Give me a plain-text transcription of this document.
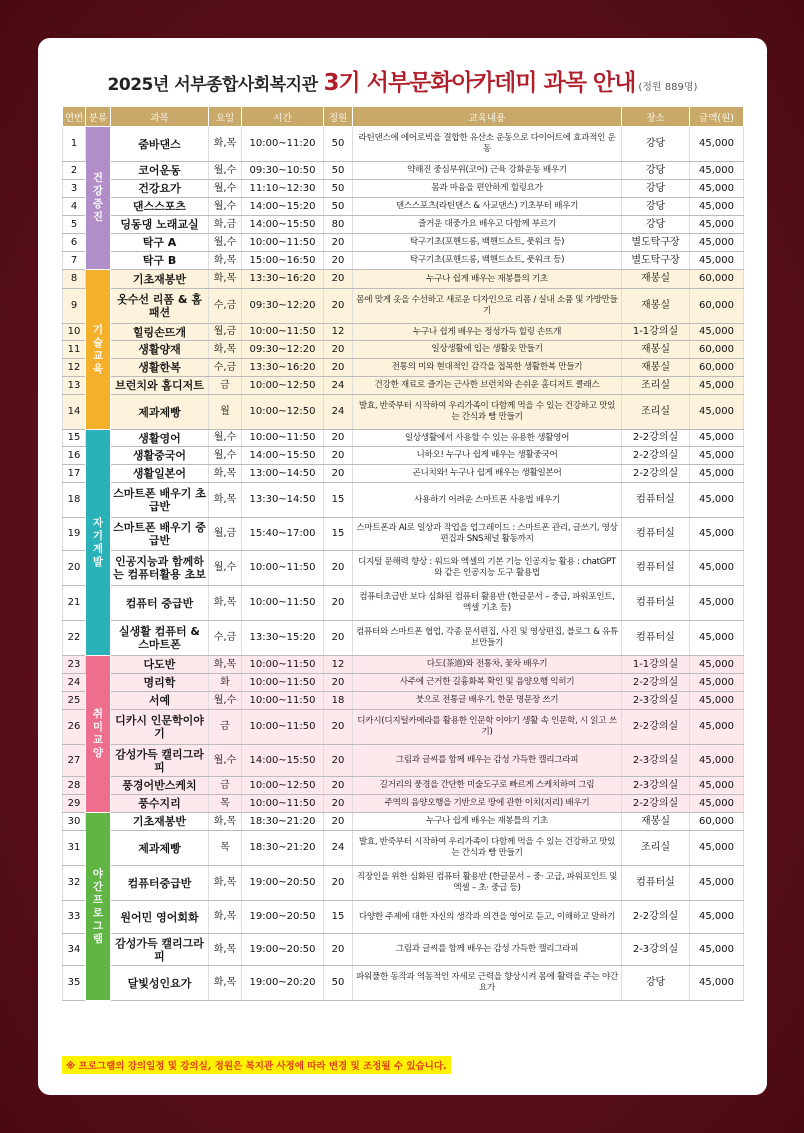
2025년 서부종합사회복지관 3기 서부문화아카데미 과목 안내 (정원 889명)
연번	분류	과목	요일	시간	정원	교육내용	장소	금액(원)
1	건강증진	줌바댄스	화,목	10:00~11:20	50	라틴댄스에 에어로빅을 결합한 유산소 운동으로 다이어트에 효과적인 운동	강당	45,000
2		코어운동	월,수	09:30~10:50	50	약해진 중심부위(코어) 근육 강화운동 배우기	강당	45,000
3		건강요가	월,수	11:10~12:30	50	몸과 마음을 편안하게 힐링요가	강당	45,000
4		댄스스포츠	월,수	14:00~15:20	50	댄스스포츠(라틴댄스 & 사교댄스) 기초부터 배우기	강당	45,000
5		딩동댕 노래교실	화,금	14:00~15:50	80	즐거운 대중가요 배우고 다함께 부르기	강당	45,000
6		탁구 A	월,수	10:00~11:50	20	탁구기초(포핸드롱, 백핸드쇼트, 풋워크 등)	별도탁구장	45,000
7		탁구 B	화,목	15:00~16:50	20	탁구기초(포핸드롱, 백핸드쇼트, 풋워크 등)	별도탁구장	45,000
8	기술교육	기초재봉반	화,목	13:30~16:20	20	누구나 쉽게 배우는 재봉틀의 기초	재봉실	60,000
9		옷수선 리폼 & 홈패션	수,금	09:30~12:20	20	몸에 맞게 옷을 수선하고 새로운 디자인으로 리폼 / 실내 소품 및 가방만들기	재봉실	60,000
10		힐링손뜨개	월,금	10:00~11:50	12	누구나 쉽게 배우는 정성가득 힐링 손뜨개	1-1강의실	45,000
11		생활양재	화,목	09:30~12:20	20	일상생활에 입는 생활옷 만들기	재봉실	60,000
12		생활한복	수,금	13:30~16:20	20	전통의 미와 현대적인 감각을 접목한 생활한복 만들기	재봉실	60,000
13		브런치와 홈디저트	금	10:00~12:50	24	건강한 재료로 즐기는 근사한 브런치와 손쉬운 홈디저트 클래스	조리실	45,000
14		제과제빵	월	10:00~12:50	24	발효, 반죽부터 시작하여 우리가족이 다함께 먹을 수 있는 건강하고 맛있는 간식과 빵 만들기	조리실	45,000
15	자기계발	생활영어	월,수	10:00~11:50	20	일상생활에서 사용할 수 있는 유용한 생활영어	2-2강의실	45,000
16		생활중국어	월,수	14:00~15:50	20	니하오! 누구나 쉽게 배우는 생활중국어	2-2강의실	45,000
17		생활일본어	화,목	13:00~14:50	20	곤니치와! 누구나 쉽게 배우는 생활일본어	2-2강의실	45,000
18		스마트폰 배우기 초급반	화,목	13:30~14:50	15	사용하기 어려운 스마트폰 사용법 배우기	컴퓨터실	45,000
19		스마트폰 배우기 중급반	월,금	15:40~17:00	15	스마트폰과 AI로 일상과 작업을 업그레이드 : 스마트폰 관리, 글쓰기, 영상편집과 SNS채널 활동까지	컴퓨터실	45,000
20		인공지능과 함께하는 컴퓨터활용 초보	월,수	10:00~11:50	20	디지털 문해력 향상 : 워드와 엑셀의 기본 기능 인공지능 활용 : chatGPT와 같은 인공지능 도구 활용법	컴퓨터실	45,000
21		컴퓨터 중급반	화,목	10:00~11:50	20	컴퓨터초급반 보다 심화된 컴퓨터 활용반 (한글문서 – 중급, 파워포인트, 엑셀 기초 등)	컴퓨터실	45,000
22		실생활 컴퓨터 & 스마트폰	수,금	13:30~15:20	20	컴퓨터와 스마트폰 협업, 각종 문서편집, 사진 및 영상편집, 블로그 & 유튜브만들기	컴퓨터실	45,000
23	취미교양	다도반	화,목	10:00~11:50	12	다도(茶道)와 전통차, 꽃차 배우기	1-1강의실	45,000
24		명리학	화	10:00~11:50	20	사주에 근거한 길흉화복 확인 및 음양오행 익히기	2-2강의실	45,000
25		서예	월,수	10:00~11:50	18	붓으로 전통글 배우기, 한문 명문장 쓰기	2-3강의실	45,000
26		디카시 인문학이야기	금	10:00~11:50	20	디카시(디지털카메라를 활용한 인문학 이야기 생활 속 인문학, 시 읽고 쓰기)	2-2강의실	45,000
27		감성가득 캘리그라피	월,수	14:00~15:50	20	그림과 글씨를 함께 배우는 감성 가득한 캘리그라피	2-3강의실	45,000
28		풍경어반스케치	금	10:00~12:50	20	길거리의 풍경을 간단한 미술도구로 빠르게 스케치하여 그림	2-3강의실	45,000
29		풍수지리	목	10:00~11:50	20	주역의 음양오행을 기반으로 땅에 관한 이치(지리) 배우기	2-2강의실	45,000
30	야간프로그램	기초재봉반	화,목	18:30~21:20	20	누구나 쉽게 배우는 재봉틀의 기초	재봉실	60,000
31		제과제빵	목	18:30~21:20	24	발효, 반죽부터 시작하여 우리가족이 다함께 먹을 수 있는 건강하고 맛있는 간식과 빵 만들기	조리실	45,000
32		컴퓨터중급반	화,목	19:00~20:50	20	직장인을 위한 심화된 컴퓨터 활용반 (한글문서 – 중· 고급, 파워포인트 및 엑셀 – 초· 중급 등)	컴퓨터실	45,000
33		원어민 영어회화	화,목	19:00~20:50	15	다양한 주제에 대한 자신의 생각과 의견을 영어로 듣고, 이해하고 말하기	2-2강의실	45,000
34		감성가득 캘리그라피	화,목	19:00~20:50	20	그림과 글씨를 함께 배우는 감성 가득한 캘리그라피	2-3강의실	45,000
35		달빛성인요가	화,목	19:00~20:20	50	파워풀한 동작과 역동적인 자세로 근력을 향상시켜 몸에 활력을 주는 야간 요가	강당	45,000
※ 프로그램의 강의일정 및 강의실, 정원은 복지관 사정에 따라 변경 및 조정될 수 있습니다.
